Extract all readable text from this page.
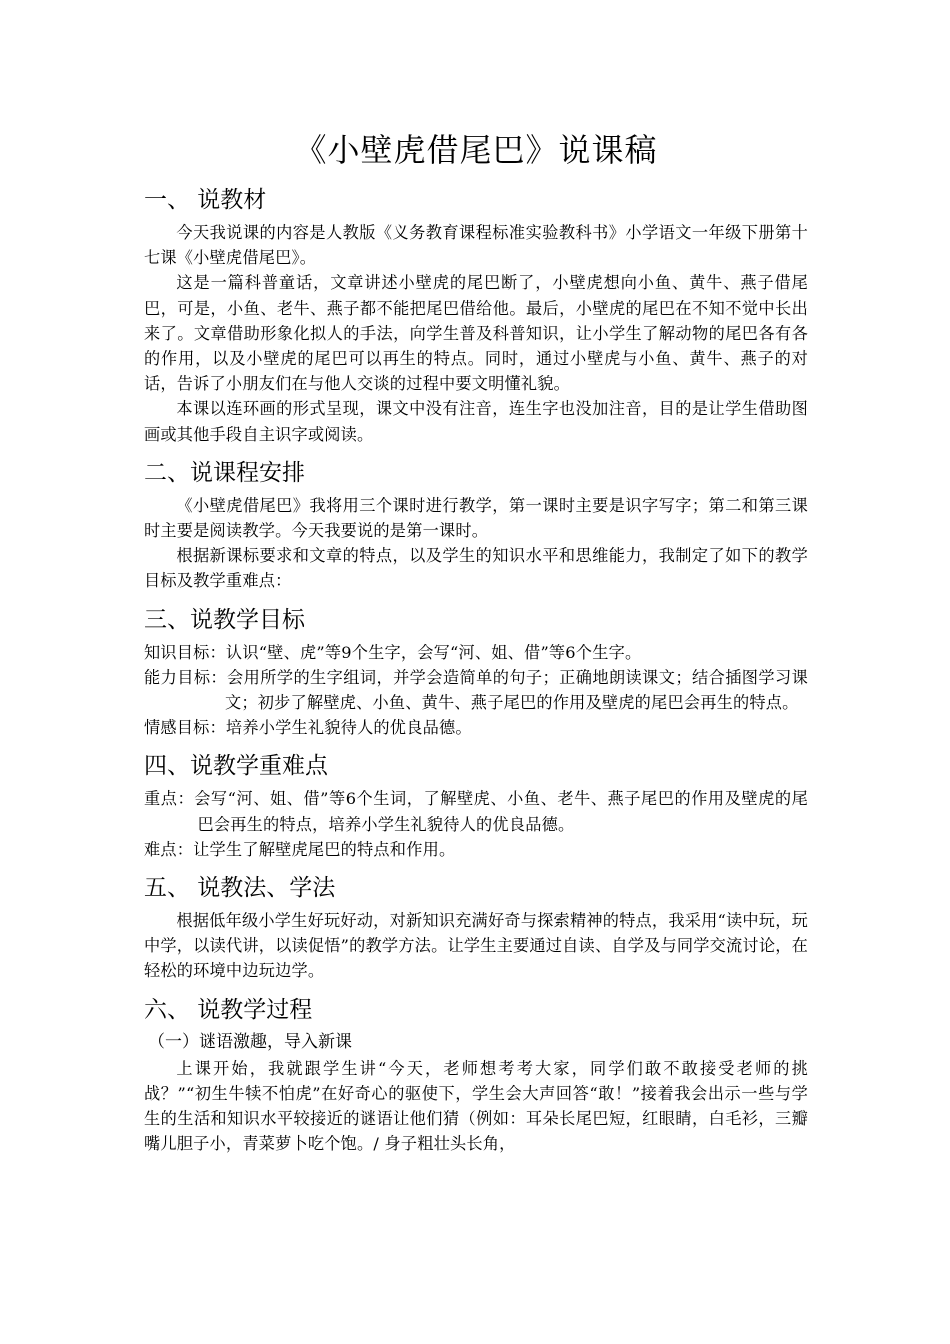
《小壁虎借尾巴》说课稿
一、 说教材

今天我说课的内容是人教版《义务教育课程标准实验教科书》小学语文一年级下册第十七课《小壁虎借尾巴》。

这是一篇科普童话，文章讲述小壁虎的尾巴断了，小壁虎想向小鱼、黄牛、燕子借尾巴，可是，小鱼、老牛、燕子都不能把尾巴借给他。最后，小壁虎的尾巴在不知不觉中长出来了。文章借助形象化拟人的手法，向学生普及科普知识，让小学生了解动物的尾巴各有各的作用，以及小壁虎的尾巴可以再生的特点。同时，通过小壁虎与小鱼、黄牛、燕子的对话，告诉了小朋友们在与他人交谈的过程中要文明懂礼貌。

本课以连环画的形式呈现，课文中没有注音，连生字也没加注音，目的是让学生借助图画或其他手段自主识字或阅读。

二、说课程安排

《小壁虎借尾巴》我将用三个课时进行教学，第一课时主要是识字写字；第二和第三课时主要是阅读教学。今天我要说的是第一课时。

根据新课标要求和文章的特点，以及学生的知识水平和思维能力，我制定了如下的教学目标及教学重难点：

三、说教学目标

知识目标：认识“壁、虎”等9个生字，会写“河、姐、借”等6个生字。

能力目标：会用所学的生字组词，并学会造简单的句子；正确地朗读课文；结合插图学习课文；初步了解壁虎、小鱼、黄牛、燕子尾巴的作用及壁虎的尾巴会再生的特点。

情感目标：培养小学生礼貌待人的优良品德。

四、说教学重难点

重点：会写“河、姐、借”等6个生词，了解壁虎、小鱼、老牛、燕子尾巴的作用及壁虎的尾巴会再生的特点，培养小学生礼貌待人的优良品德。

难点：让学生了解壁虎尾巴的特点和作用。

五、 说教法、学法

根据低年级小学生好玩好动，对新知识充满好奇与探索精神的特点，我采用“读中玩，玩中学，以读代讲，以读促悟”的教学方法。让学生主要通过自读、自学及与同学交流讨论，在轻松的环境中边玩边学。

六、 说教学过程
（一）谜语激趣，导入新课

上课开始，我就跟学生讲“今天，老师想考考大家，同学们敢不敢接受老师的挑战？”“初生牛犊不怕虎”在好奇心的驱使下，学生会大声回答“敢！”接着我会出示一些与学生的生活和知识水平较接近的谜语让他们猜（例如：耳朵长尾巴短，红眼睛，白毛衫，三瓣嘴儿胆子小，青菜萝卜吃个饱。/ 身子粗壮头长角，
